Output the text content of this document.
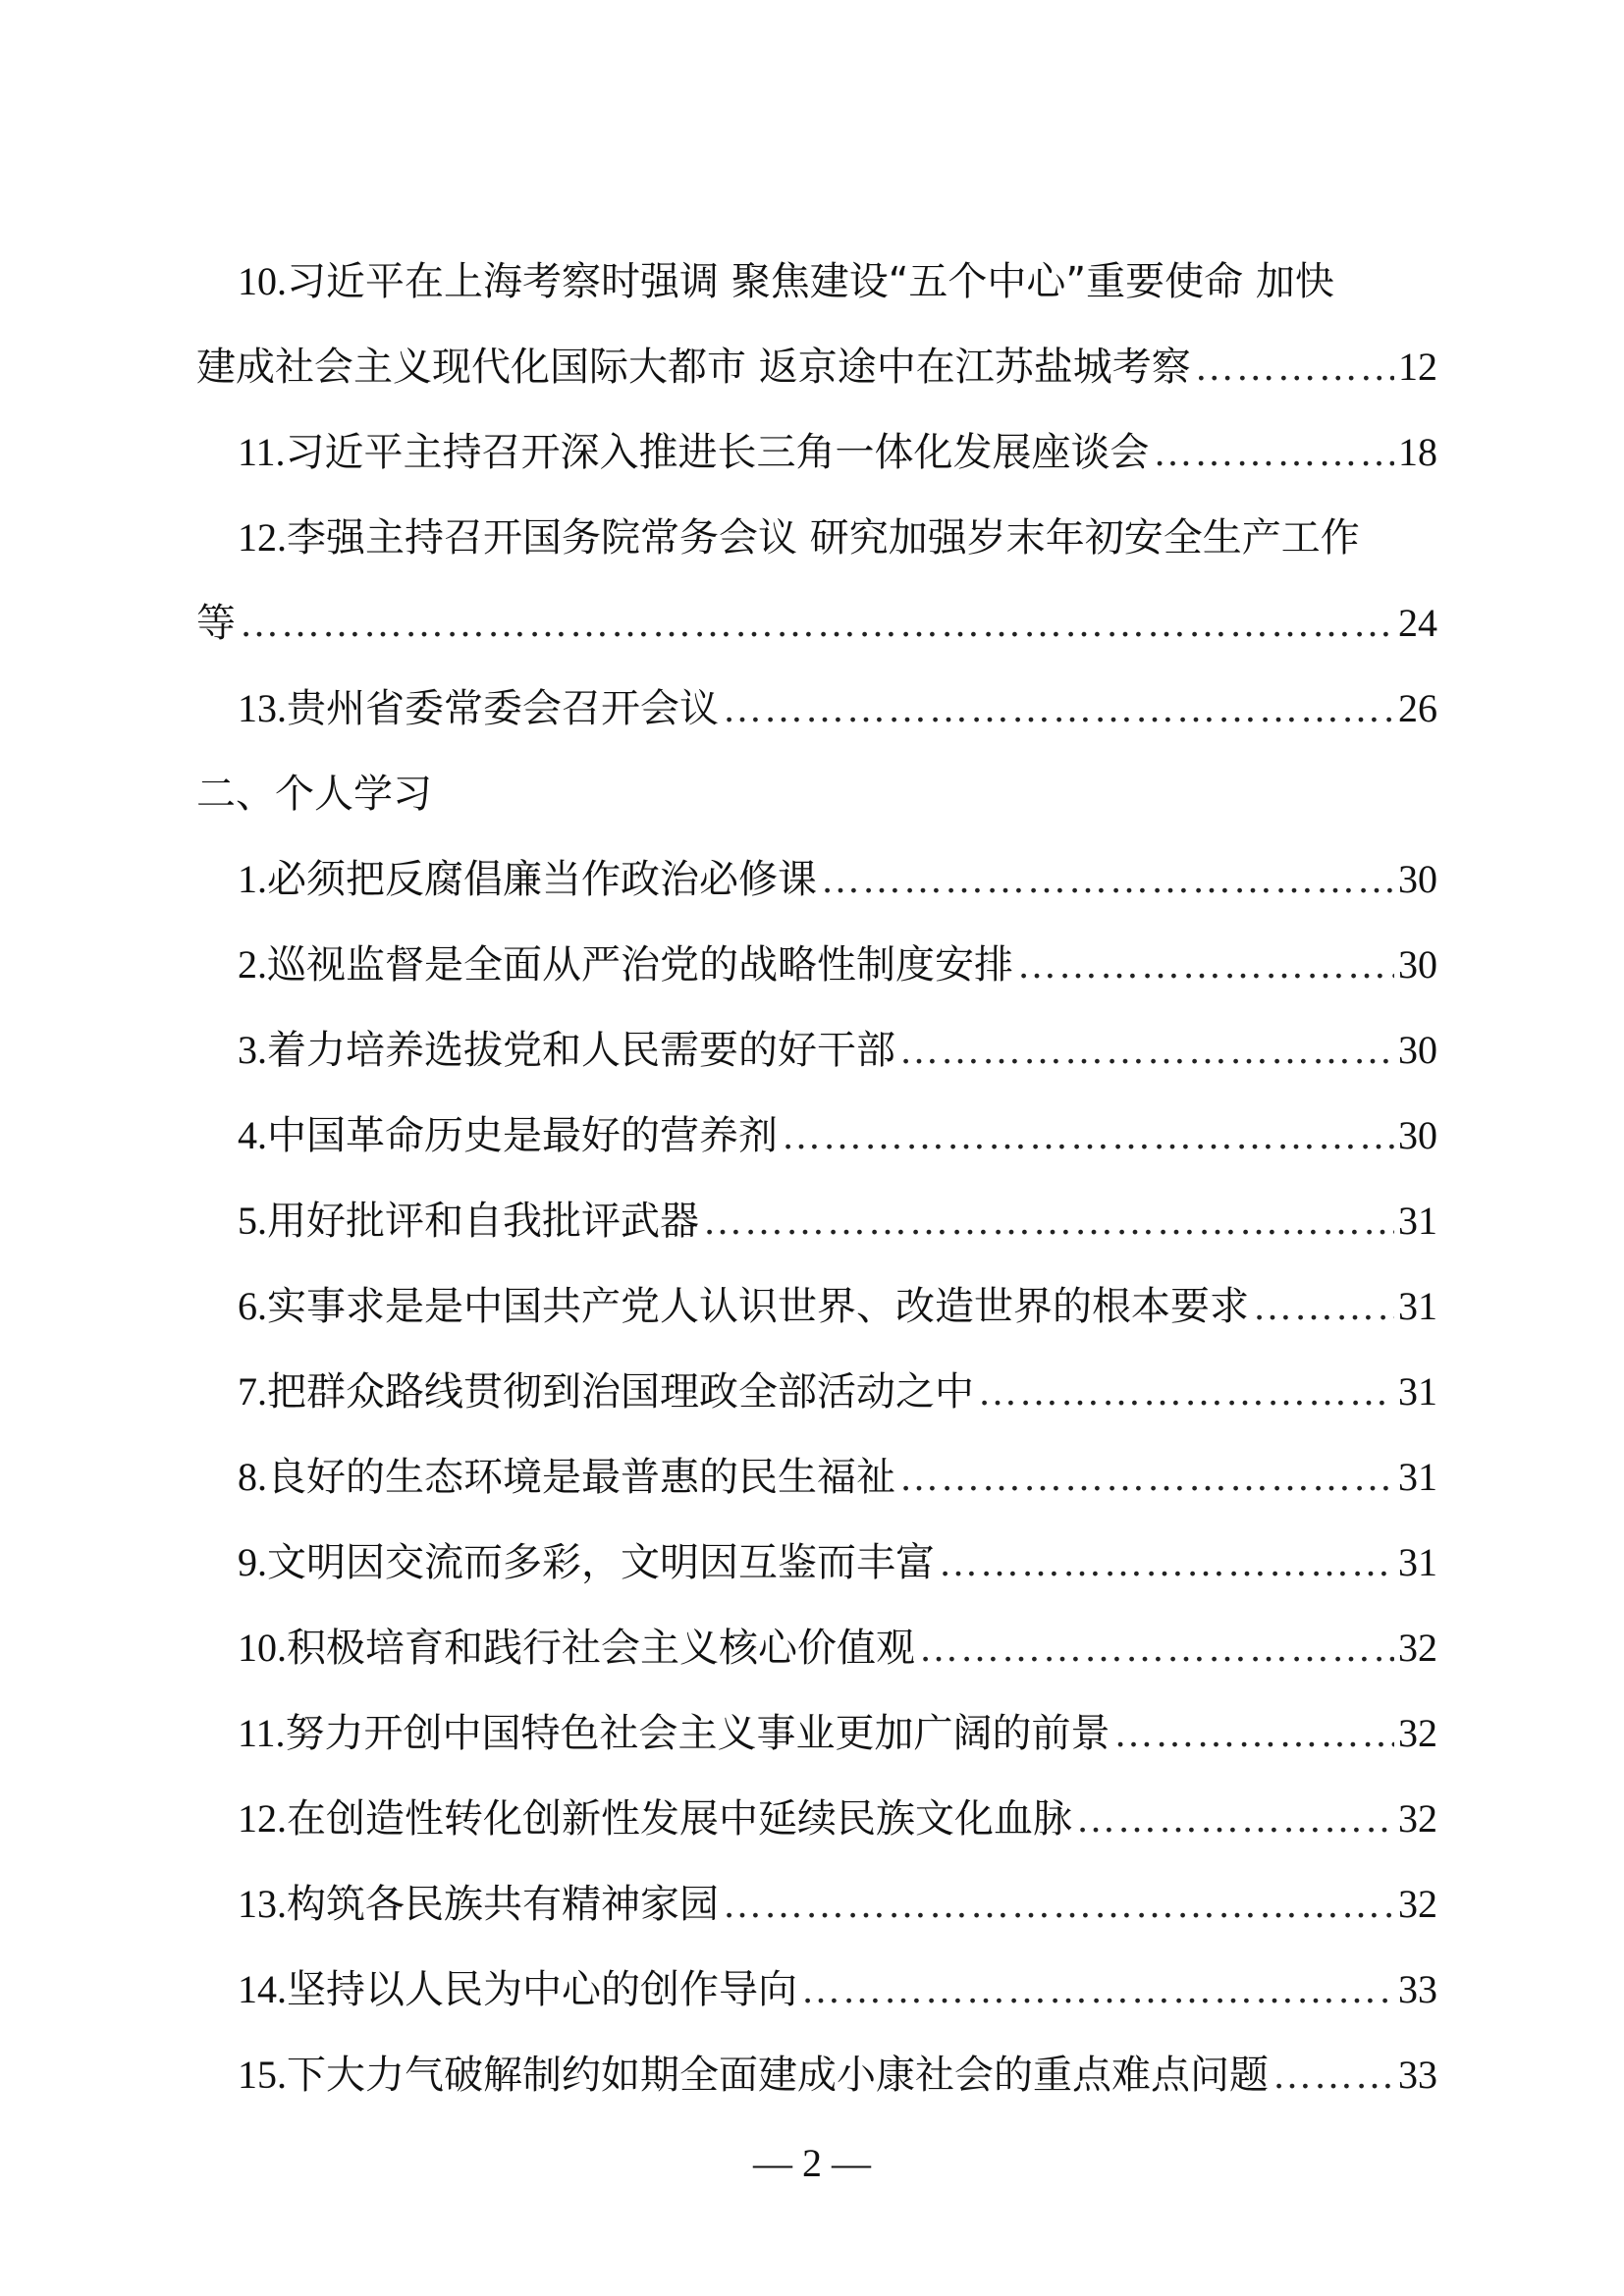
10. 习近平在上海考察时强调 聚焦建设“五个中心”重要使命 加快
建成社会主义现代化国际大都市 返京途中在江苏盐城考察 ……………………………………………………………………………………………………………………………………………………………………	12
11. 习近平主持召开深入推进长三角一体化发展座谈会 ……………………………………………………………………………………………………………………………………………………………………	18
12. 李强主持召开国务院常务会议 研究加强岁末年初安全生产工作
等 ……………………………………………………………………………………………………………………………………………………………………	24
13. 贵州省委常委会召开会议 ……………………………………………………………………………………………………………………………………………………………………	26
二、个人学习
1. 必须把反腐倡廉当作政治必修课 ……………………………………………………………………………………………………………………………………………………………………	30
2. 巡视监督是全面从严治党的战略性制度安排 ……………………………………………………………………………………………………………………………………………………………………	30
3. 着力培养选拔党和人民需要的好干部 ……………………………………………………………………………………………………………………………………………………………………	30
4. 中国革命历史是最好的营养剂 ……………………………………………………………………………………………………………………………………………………………………	30
5. 用好批评和自我批评武器 ……………………………………………………………………………………………………………………………………………………………………	31
6. 实事求是是中国共产党人认识世界、改造世界的根本要求 ……………………………………………………………………………………………………………………………………………………………………	31
7. 把群众路线贯彻到治国理政全部活动之中 ……………………………………………………………………………………………………………………………………………………………………	31
8. 良好的生态环境是最普惠的民生福祉 ……………………………………………………………………………………………………………………………………………………………………	31
9. 文明因交流而多彩，文明因互鉴而丰富 ……………………………………………………………………………………………………………………………………………………………………	31
10. 积极培育和践行社会主义核心价值观 ……………………………………………………………………………………………………………………………………………………………………	32
11. 努力开创中国特色社会主义事业更加广阔的前景 ……………………………………………………………………………………………………………………………………………………………………	32
12. 在创造性转化创新性发展中延续民族文化血脉 ……………………………………………………………………………………………………………………………………………………………………	32
13. 构筑各民族共有精神家园 ……………………………………………………………………………………………………………………………………………………………………	32
14. 坚持以人民为中心的创作导向 ……………………………………………………………………………………………………………………………………………………………………	33
15. 下大力气破解制约如期全面建成小康社会的重点难点问题 ……………………………………………………………………………………………………………………………………………………………………	33
— 2 —
